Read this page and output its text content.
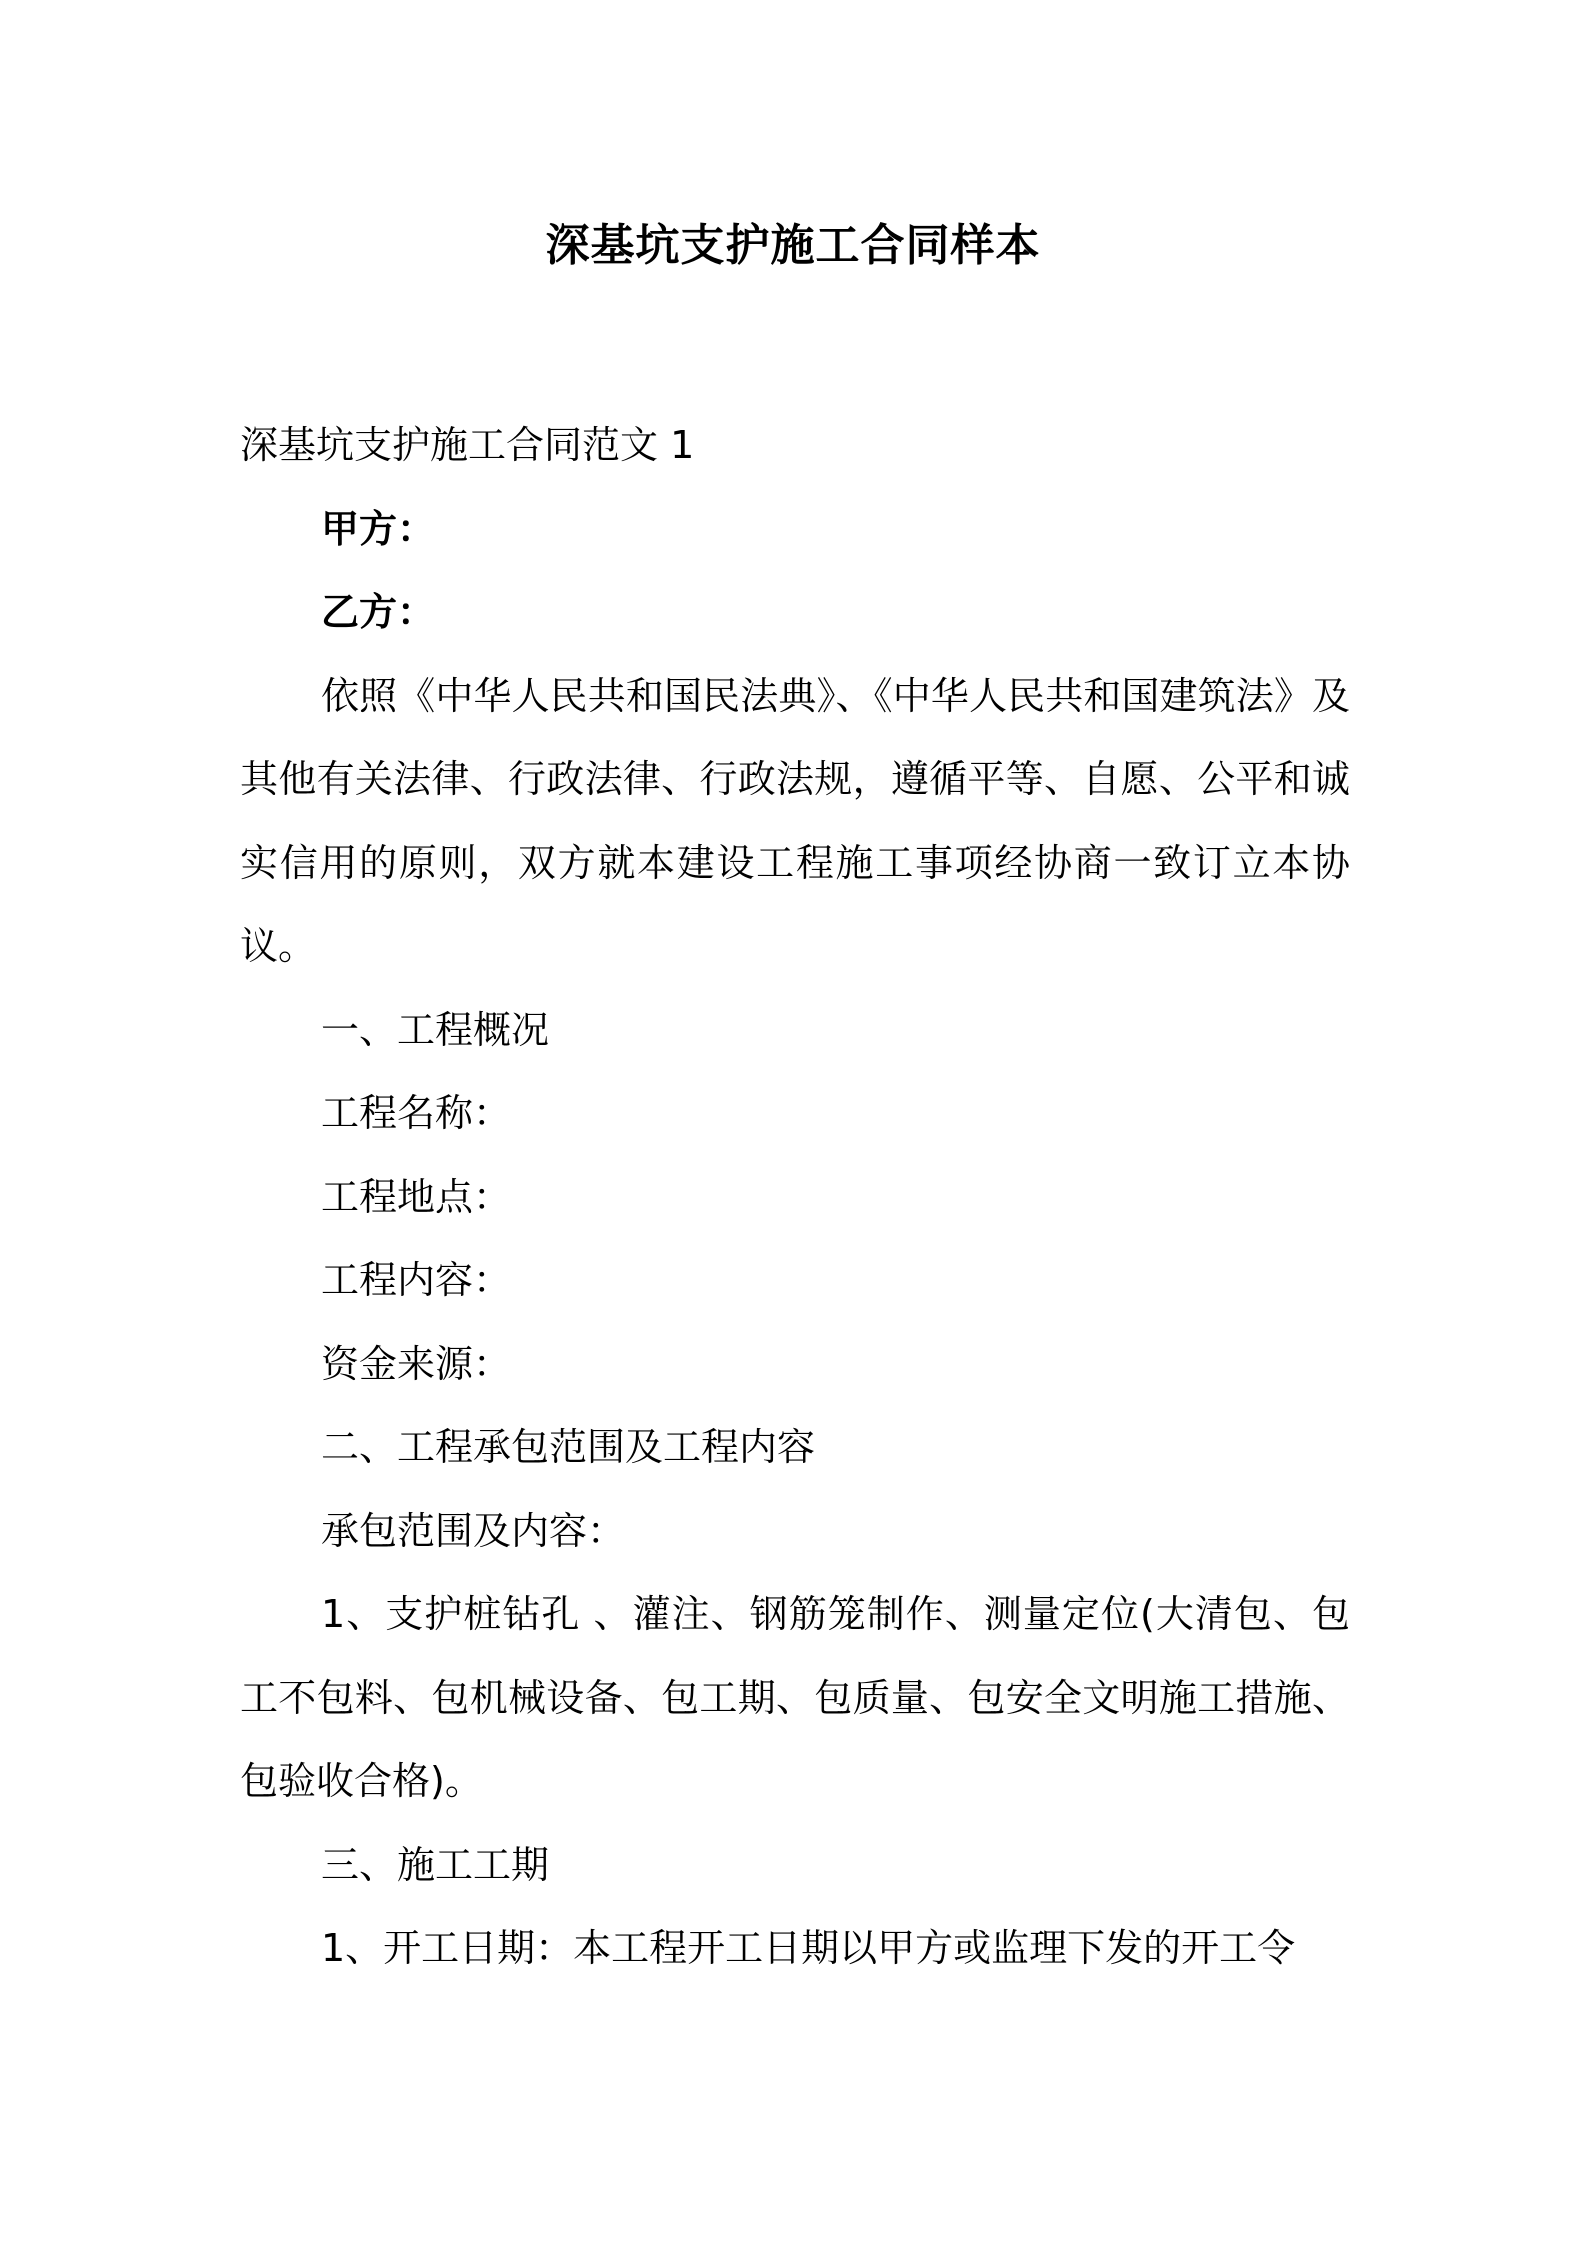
深基坑支护施工合同样本

深基坑支护施工合同范文 1

甲方：

乙方：

依照《中华人民共和国民法典》、《中华人民共和国建筑法》及其他有关法律、行政法律、行政法规，遵循平等、自愿、公平和诚实信用的原则，双方就本建设工程施工事项经协商一致订立本协议。

一、工程概况

工程名称：

工程地点：

工程内容：

资金来源：

二、工程承包范围及工程内容

承包范围及内容：

1、支护桩钻孔 、灌注、钢筋笼制作、测量定位(大清包、包工不包料、包机械设备、包工期、包质量、包安全文明施工措施、包验收合格)。

三、施工工期

1、开工日期：本工程开工日期以甲方或监理下发的开工令
